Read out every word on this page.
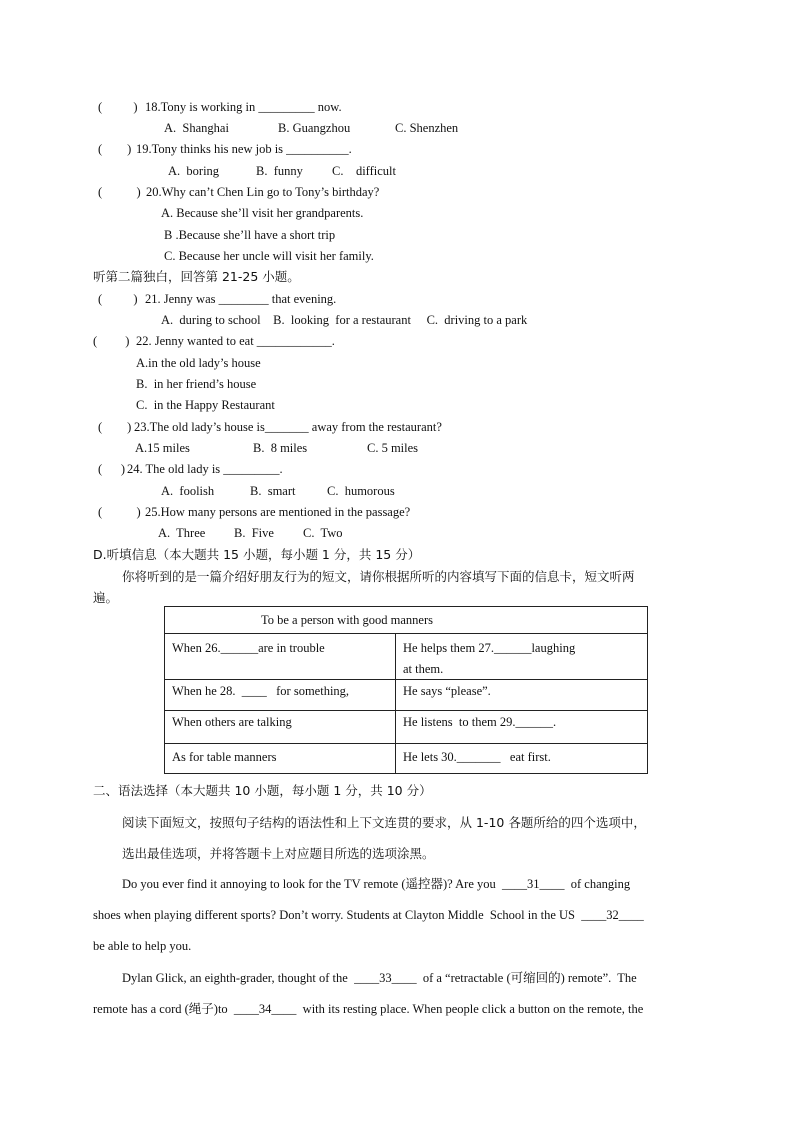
(          ) 18.Tony is working in _________ now.
A.  Shanghai	B. Guangzhou	C. Shenzhen
(        ) 19.Tony thinks his new job is __________.
A.  boring	B.  funny C.    difficult
(           ) 20.Why can’t Chen Lin go to Tony’s birthday?
A. Because she’ll visit her grandparents.
B .Because she’ll have a short trip
C. Because her uncle will visit her family.
听第二篇独白，回答第 21-25 小题。
(          ) 21. Jenny was ________ that evening.
A.  during to school    B.  looking  for a restaurant     C.  driving to a park
(         ) 22. Jenny wanted to eat ____________.
A.in the old lady’s house
B.  in her friend’s house
C.  in the Happy Restaurant
(        ) 23.The old lady’s house is_______ away from the restaurant?
A.15 miles	B.  8 miles	C. 5 miles
(      ) 24. The old lady is _________.
A.  foolish	B.  smart	C.  humorous
(           ) 25.How many persons are mentioned in the passage?
A.  Three B.  Five C.  Two
D.听填信息（本大题共 15 小题，每小题 1 分，共 15 分）
你将听到的是一篇介绍好朋友行为的短文，请你根据所听的内容填写下面的信息卡，短文听两
遍。
To be a person with good manners
When 26.______are in trouble	He helps them 27.______laughing
at them.
When he 28.  ____   for something,	He says “please”.
When others are talking	He listens  to them 29.______.
As for table manners	He lets 30._______   eat first.
二、语法选择（本大题共 10 小题，每小题 1 分，共 10 分）
阅读下面短文，按照句子结构的语法性和上下文连贯的要求，从 1-10 各题所给的四个选项中，
选出最佳选项，并将答题卡上对应题目所选的选项涂黑。
Do you ever find it annoying to look for the TV remote (遥控器)? Are you  ____31____  of changing
shoes when playing different sports? Don’t worry. Students at Clayton Middle  School in the US  ____32____
be able to help you.
Dylan Glick, an eighth-grader, thought of the  ____33____  of a “retractable (可缩回的) remote”.  The
remote has a cord (绳子)to  ____34____  with its resting place. When people click a button on the remote, the
